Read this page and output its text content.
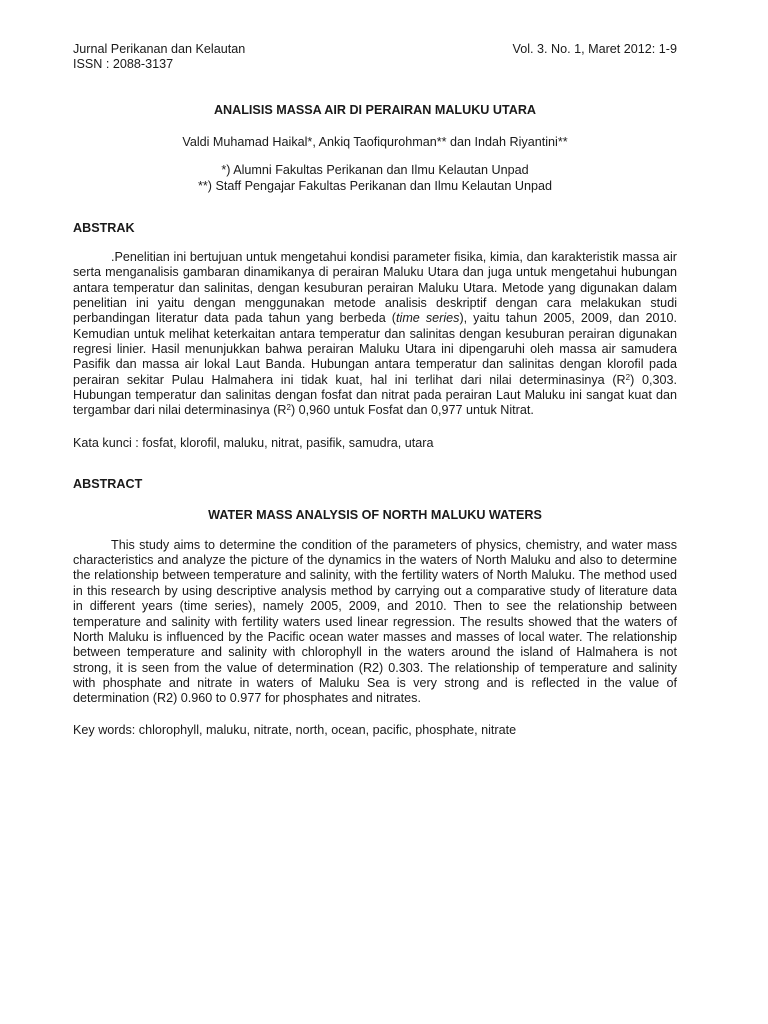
Jurnal Perikanan dan Kelautan	Vol. 3. No. 1, Maret 2012: 1-9
ISSN : 2088-3137
ANALISIS MASSA AIR DI PERAIRAN MALUKU UTARA
Valdi Muhamad Haikal*, Ankiq Taofiqurohman** dan Indah Riyantini**
*) Alumni Fakultas Perikanan dan Ilmu Kelautan Unpad
**) Staff Pengajar Fakultas Perikanan dan Ilmu Kelautan Unpad
ABSTRAK
.Penelitian ini bertujuan untuk mengetahui kondisi parameter fisika, kimia, dan karakteristik massa air serta menganalisis gambaran dinamikanya di perairan Maluku Utara dan juga untuk mengetahui hubungan antara temperatur dan salinitas, dengan kesuburan perairan Maluku Utara. Metode yang digunakan dalam penelitian ini yaitu dengan menggunakan metode analisis deskriptif dengan cara melakukan studi perbandingan literatur data pada tahun yang berbeda (time series), yaitu tahun 2005, 2009, dan 2010. Kemudian untuk melihat keterkaitan antara temperatur dan salinitas dengan kesuburan perairan digunakan regresi linier. Hasil menunjukkan bahwa perairan Maluku Utara ini dipengaruhi oleh massa air samudera Pasifik dan massa air lokal Laut Banda. Hubungan antara temperatur dan salinitas dengan klorofil pada perairan sekitar Pulau Halmahera ini tidak kuat, hal ini terlihat dari nilai determinasinya $(R^2)$ 0,303. Hubungan temperatur dan salinitas dengan fosfat dan nitrat pada perairan Laut Maluku ini sangat kuat dan tergambar dari nilai determinasinya $(R^2)$ 0,960 untuk Fosfat dan 0,977 untuk Nitrat.
Kata kunci : fosfat, klorofil, maluku, nitrat, pasifik, samudra, utara
ABSTRACT
WATER MASS ANALYSIS OF NORTH MALUKU WATERS
This study aims to determine the condition of the parameters of physics, chemistry, and water mass characteristics and analyze the picture of the dynamics in the waters of North Maluku and also to determine the relationship between temperature and salinity, with the fertility waters of North Maluku. The method used in this research by using descriptive analysis method by carrying out a comparative study of literature data in different years (time series), namely 2005, 2009, and 2010. Then to see the relationship between temperature and salinity with fertility waters used linear regression. The results showed that the waters of North Maluku is influenced by the Pacific ocean water masses and masses of local water. The relationship between temperature and salinity with chlorophyll in the waters around the island of Halmahera is not strong, it is seen from the value of determination (R2) 0.303. The relationship of temperature and salinity with phosphate and nitrate in waters of Maluku Sea is very strong and is reflected in the value of determination (R2) 0.960 to 0.977 for phosphates and nitrates.
Key words: chlorophyll, maluku, nitrate, north, ocean, pacific, phosphate, nitrate
